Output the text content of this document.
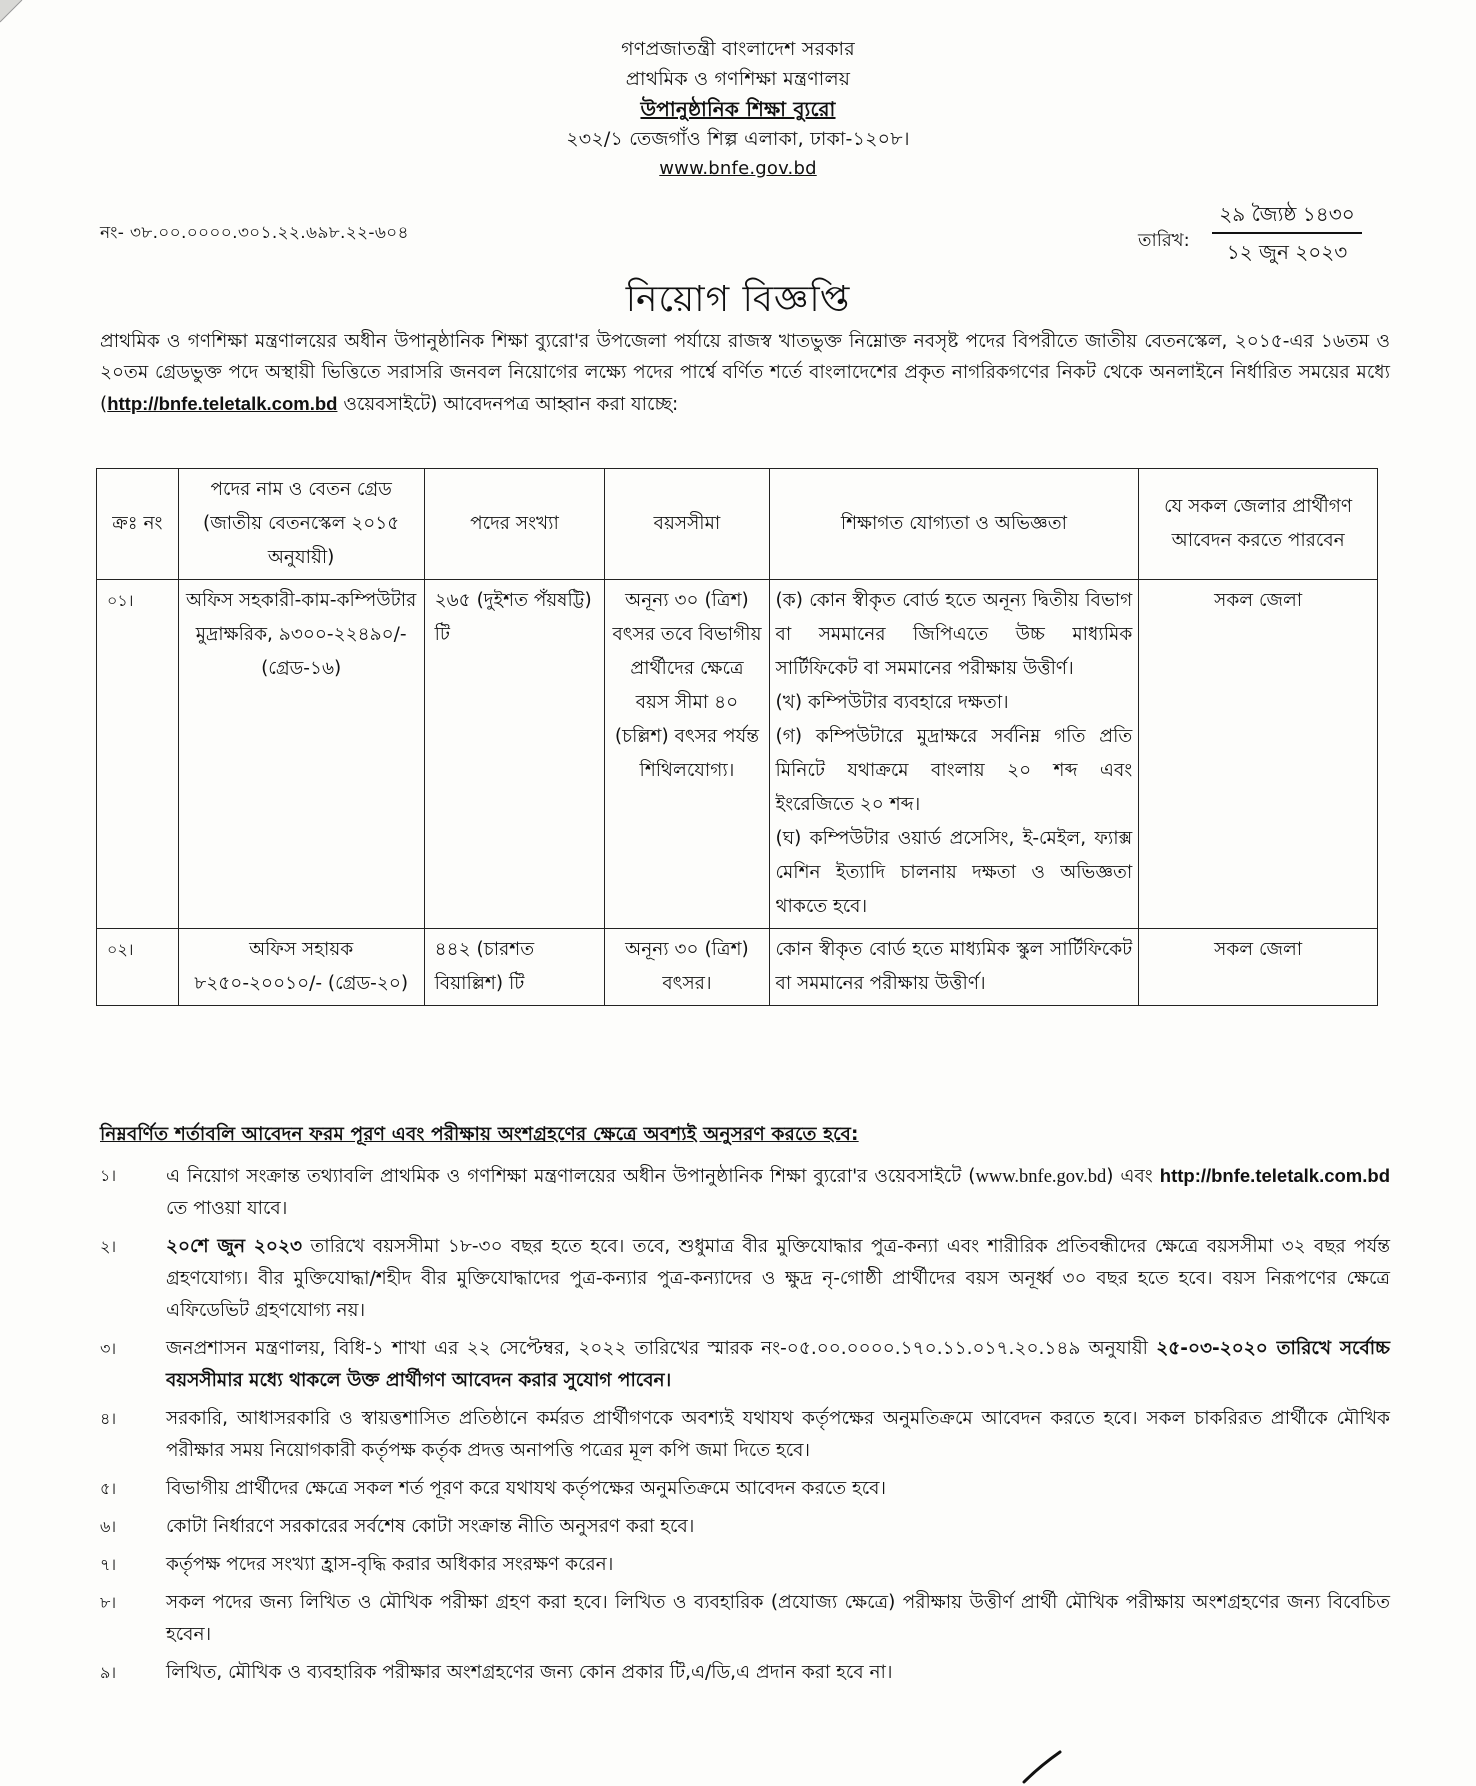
গণপ্রজাতন্ত্রী বাংলাদেশ সরকার
প্রাথমিক ও গণশিক্ষা মন্ত্রণালয়
উপানুষ্ঠানিক শিক্ষা ব্যুরো
২৩২/১ তেজগাঁও শিল্প এলাকা, ঢাকা-১২০৮।
www.bnfe.gov.bd
নং- ৩৮.০০.০০০০.৩০১.২২.৬৯৮.২২-৬০৪	তারিখ:
২৯ জ্যৈষ্ঠ ১৪৩০
১২ জুন ২০২৩
নিয়োগ বিজ্ঞপ্তি
প্রাথমিক ও গণশিক্ষা মন্ত্রণালয়ের অধীন উপানুষ্ঠানিক শিক্ষা ব্যুরো'র উপজেলা পর্যায়ে রাজস্ব খাতভুক্ত নিম্নোক্ত নবসৃষ্ট পদের বিপরীতে জাতীয় বেতনস্কেল, ২০১৫-এর ১৬তম ও ২০তম গ্রেডভুক্ত পদে অস্থায়ী ভিত্তিতে সরাসরি জনবল নিয়োগের লক্ষ্যে পদের পার্শ্বে বর্ণিত শর্তে বাংলাদেশের প্রকৃত নাগরিকগণের নিকট থেকে অনলাইনে নির্ধারিত সময়ের মধ্যে (http://bnfe.teletalk.com.bd ওয়েবসাইটে) আবেদনপত্র আহ্বান করা যাচ্ছে:
ক্রঃ নং	পদের নাম ও বেতন গ্রেড (জাতীয় বেতনস্কেল ২০১৫ অনুযায়ী)	পদের সংখ্যা	বয়সসীমা	শিক্ষাগত যোগ্যতা ও অভিজ্ঞতা	যে সকল জেলার প্রার্থীগণ আবেদন করতে পারবেন
০১।	অফিস সহকারী-কাম-কম্পিউটার মুদ্রাক্ষরিক, ৯৩০০-২২৪৯০/- (গ্রেড-১৬)	২৬৫ (দুইশত পঁয়ষট্টি) টি	অনূন্য ৩০ (ত্রিশ) বৎসর তবে বিভাগীয় প্রার্থীদের ক্ষেত্রে বয়স সীমা ৪০ (চল্লিশ) বৎসর পর্যন্ত শিথিলযোগ্য।	(ক) কোন স্বীকৃত বোর্ড হতে অনূন্য দ্বিতীয় বিভাগ বা সমমানের জিপিএতে উচ্চ মাধ্যমিক সার্টিফিকেট বা সমমানের পরীক্ষায় উত্তীর্ণ।

(খ) কম্পিউটার ব্যবহারে দক্ষতা।

(গ) কম্পিউটারে মুদ্রাক্ষরে সর্বনিম্ন গতি প্রতি মিনিটে যথাক্রমে বাংলায় ২০ শব্দ এবং ইংরেজিতে ২০ শব্দ।

(ঘ) কম্পিউটার ওয়ার্ড প্রসেসিং, ই-মেইল, ফ্যাক্স মেশিন ইত্যাদি চালনায় দক্ষতা ও অভিজ্ঞতা থাকতে হবে।	সকল জেলা
০২।	অফিস সহায়ক ৮২৫০-২০০১০/- (গ্রেড-২০)	৪৪২ (চারশত বিয়াল্লিশ) টি	অনূন্য ৩০ (ত্রিশ) বৎসর।	কোন স্বীকৃত বোর্ড হতে মাধ্যমিক স্কুল সার্টিফিকেট বা সমমানের পরীক্ষায় উত্তীর্ণ।	সকল জেলা
নিম্নবর্ণিত শর্তাবলি আবেদন ফরম পূরণ এবং পরীক্ষায় অংশগ্রহণের ক্ষেত্রে অবশ্যই অনুসরণ করতে হবে:
১।	এ নিয়োগ সংক্রান্ত তথ্যাবলি প্রাথমিক ও গণশিক্ষা মন্ত্রণালয়ের অধীন উপানুষ্ঠানিক শিক্ষা ব্যুরো'র ওয়েবসাইটে (www.bnfe.gov.bd) এবং http://bnfe.teletalk.com.bd তে পাওয়া যাবে।
২।	২০শে জুন ২০২৩ তারিখে বয়সসীমা ১৮-৩০ বছর হতে হবে। তবে, শুধুমাত্র বীর মুক্তিযোদ্ধার পুত্র-কন্যা এবং শারীরিক প্রতিবন্ধীদের ক্ষেত্রে বয়সসীমা ৩২ বছর পর্যন্ত গ্রহণযোগ্য। বীর মুক্তিযোদ্ধা/শহীদ বীর মুক্তিযোদ্ধাদের পুত্র-কন্যার পুত্র-কন্যাদের ও ক্ষুদ্র নৃ-গোষ্ঠী প্রার্থীদের বয়স অনূর্ধ্ব ৩০ বছর হতে হবে। বয়স নিরূপণের ক্ষেত্রে এফিডেভিট গ্রহণযোগ্য নয়।
৩।	জনপ্রশাসন মন্ত্রণালয়, বিধি-১ শাখা এর ২২ সেপ্টেম্বর, ২০২২ তারিখের স্মারক নং-০৫.০০.০০০০.১৭০.১১.০১৭.২০.১৪৯ অনুযায়ী ২৫-০৩-২০২০ তারিখে সর্বোচ্চ বয়সসীমার মধ্যে থাকলে উক্ত প্রার্থীগণ আবেদন করার সুযোগ পাবেন।
৪।	সরকারি, আধাসরকারি ও স্বায়ত্তশাসিত প্রতিষ্ঠানে কর্মরত প্রার্থীগণকে অবশ্যই যথাযথ কর্তৃপক্ষের অনুমতিক্রমে আবেদন করতে হবে। সকল চাকরিরত প্রার্থীকে মৌখিক পরীক্ষার সময় নিয়োগকারী কর্তৃপক্ষ কর্তৃক প্রদত্ত অনাপত্তি পত্রের মূল কপি জমা দিতে হবে।
৫।	বিভাগীয় প্রার্থীদের ক্ষেত্রে সকল শর্ত পূরণ করে যথাযথ কর্তৃপক্ষের অনুমতিক্রমে আবেদন করতে হবে।
৬।	কোটা নির্ধারণে সরকারের সর্বশেষ কোটা সংক্রান্ত নীতি অনুসরণ করা হবে।
৭।	কর্তৃপক্ষ পদের সংখ্যা হ্রাস-বৃদ্ধি করার অধিকার সংরক্ষণ করেন।
৮।	সকল পদের জন্য লিখিত ও মৌখিক পরীক্ষা গ্রহণ করা হবে। লিখিত ও ব্যবহারিক (প্রযোজ্য ক্ষেত্রে) পরীক্ষায় উত্তীর্ণ প্রার্থী মৌখিক পরীক্ষায় অংশগ্রহণের জন্য বিবেচিত হবেন।
৯।	লিখিত, মৌখিক ও ব্যবহারিক পরীক্ষার অংশগ্রহণের জন্য কোন প্রকার টি,এ/ডি,এ প্রদান করা হবে না।
